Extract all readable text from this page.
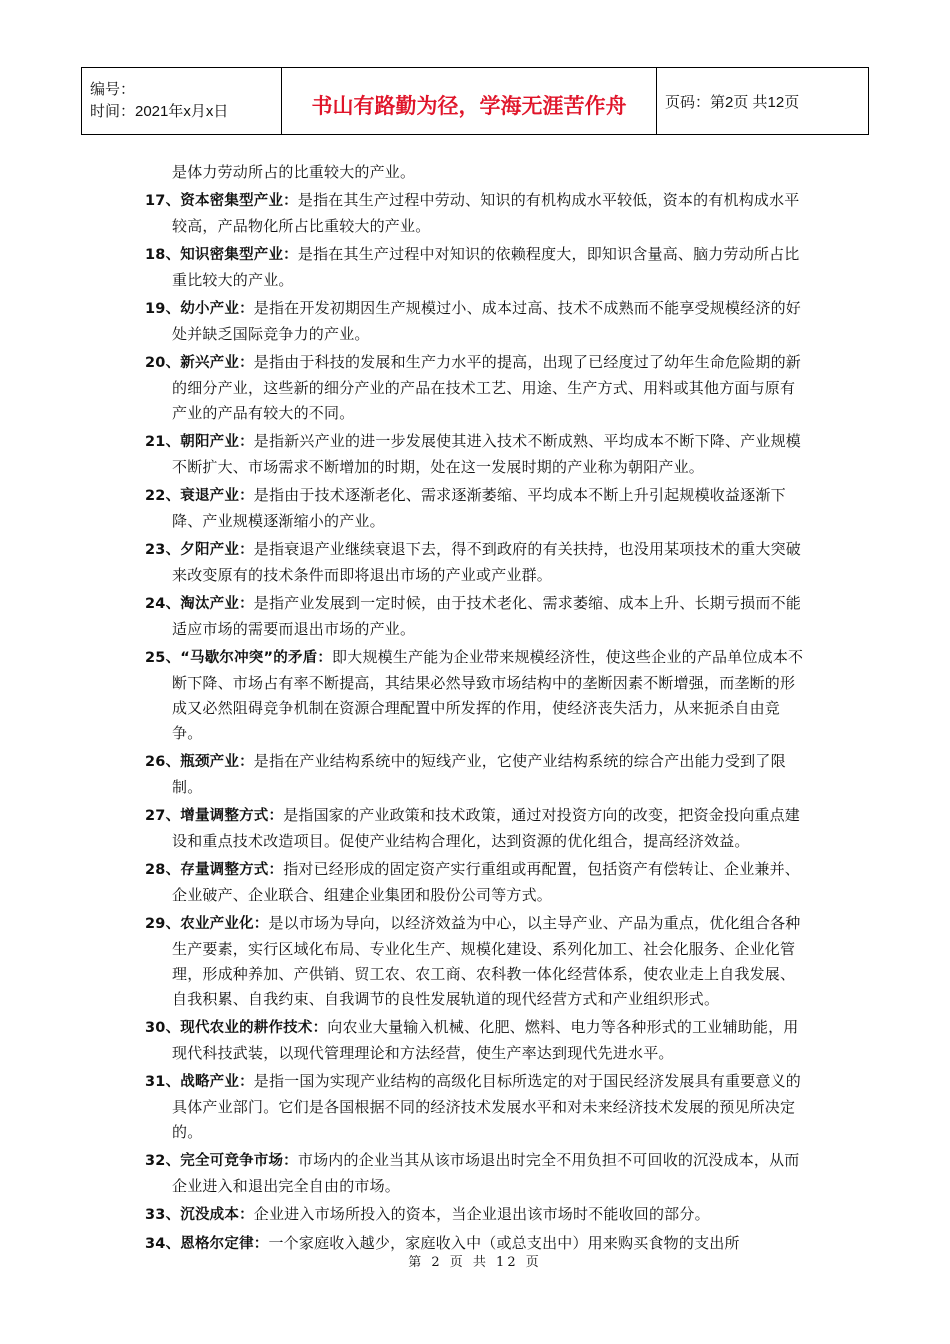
编号：
时间：2021年x月x日	书山有路勤为径，学海无涯苦作舟	页码：第2页 共12页

是体力劳动所占的比重较大的产业。

17、资本密集型产业：是指在其生产过程中劳动、知识的有机构成水平较低，资本的有机构成水平较高，产品物化所占比重较大的产业。

18、知识密集型产业：是指在其生产过程中对知识的依赖程度大，即知识含量高、脑力劳动所占比重比较大的产业。

19、幼小产业：是指在开发初期因生产规模过小、成本过高、技术不成熟而不能享受规模经济的好处并缺乏国际竞争力的产业。

20、新兴产业：是指由于科技的发展和生产力水平的提高，出现了已经度过了幼年生命危险期的新的细分产业，这些新的细分产业的产品在技术工艺、用途、生产方式、用料或其他方面与原有产业的产品有较大的不同。

21、朝阳产业：是指新兴产业的进一步发展使其进入技术不断成熟、平均成本不断下降、产业规模不断扩大、市场需求不断增加的时期，处在这一发展时期的产业称为朝阳产业。

22、衰退产业：是指由于技术逐渐老化、需求逐渐萎缩、平均成本不断上升引起规模收益逐渐下降、产业规模逐渐缩小的产业。

23、夕阳产业：是指衰退产业继续衰退下去，得不到政府的有关扶持，也没用某项技术的重大突破来改变原有的技术条件而即将退出市场的产业或产业群。

24、淘汰产业：是指产业发展到一定时候，由于技术老化、需求萎缩、成本上升、长期亏损而不能适应市场的需要而退出市场的产业。

25、“马歇尔冲突”的矛盾：即大规模生产能为企业带来规模经济性，使这些企业的产品单位成本不断下降、市场占有率不断提高，其结果必然导致市场结构中的垄断因素不断增强，而垄断的形成又必然阻碍竞争机制在资源合理配置中所发挥的作用，使经济丧失活力，从来扼杀自由竞争。

26、瓶颈产业：是指在产业结构系统中的短线产业，它使产业结构系统的综合产出能力受到了限制。

27、增量调整方式：是指国家的产业政策和技术政策，通过对投资方向的改变，把资金投向重点建设和重点技术改造项目。促使产业结构合理化，达到资源的优化组合，提高经济效益。

28、存量调整方式：指对已经形成的固定资产实行重组或再配置，包括资产有偿转让、企业兼并、企业破产、企业联合、组建企业集团和股份公司等方式。

29、农业产业化：是以市场为导向，以经济效益为中心，以主导产业、产品为重点，优化组合各种生产要素，实行区域化布局、专业化生产、规模化建设、系列化加工、社会化服务、企业化管理，形成种养加、产供销、贸工农、农工商、农科教一体化经营体系，使农业走上自我发展、自我积累、自我约束、自我调节的良性发展轨道的现代经营方式和产业组织形式。

30、现代农业的耕作技术：向农业大量输入机械、化肥、燃料、电力等各种形式的工业辅助能，用现代科技武装，以现代管理理论和方法经营，使生产率达到现代先进水平。

31、战略产业：是指一国为实现产业结构的高级化目标所选定的对于国民经济发展具有重要意义的具体产业部门。它们是各国根据不同的经济技术发展水平和对未来经济技术发展的预见所决定的。

32、完全可竞争市场：市场内的企业当其从该市场退出时完全不用负担不可回收的沉没成本，从而企业进入和退出完全自由的市场。

33、沉没成本：企业进入市场所投入的资本，当企业退出该市场时不能收回的部分。

34、恩格尔定律：一个家庭收入越少，家庭收入中（或总支出中）用来购买食物的支出所

第 2 页 共 12 页
